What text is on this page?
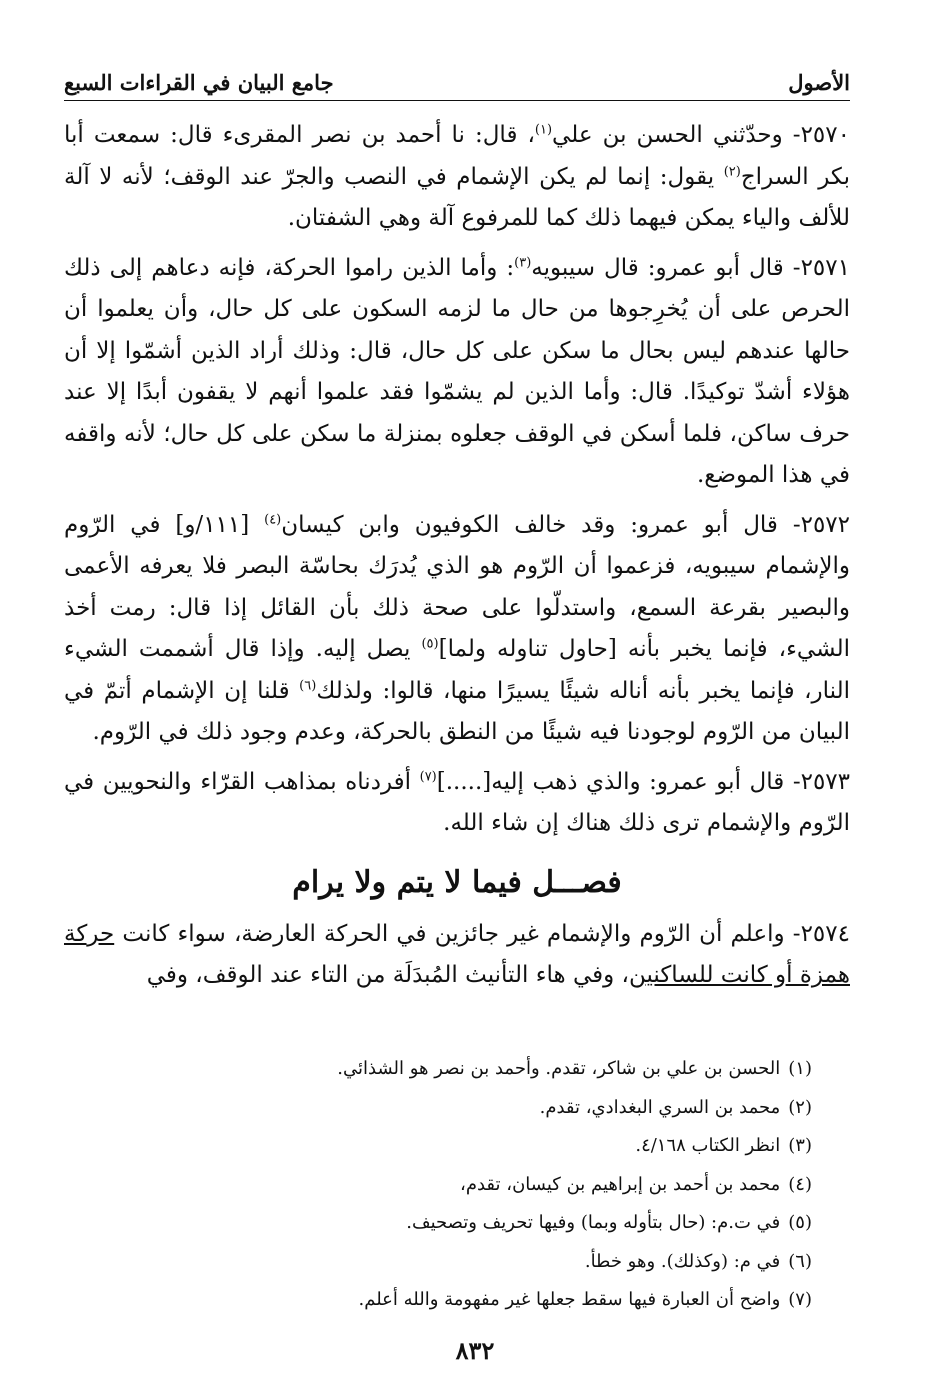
الأصول
جامع البيان في القراءات السبع

٢٥٧٠- وحدّثني الحسن بن علي$^{(١)}$، قال: نا أحمد بن نصر المقرىء قال: سمعت أبا بكر السراج$^{(٢)}$ يقول: إنما لم يكن الإشمام في النصب والجرّ عند الوقف؛ لأنه لا آلة للألف والياء يمكن فيهما ذلك كما للمرفوع آلة وهي الشفتان.

٢٥٧١- قال أبو عمرو: قال سيبويه$^{(٣)}$: وأما الذين راموا الحركة، فإنه دعاهم إلى ذلك الحرص على أن يُخرِجوها من حال ما لزمه السكون على كل حال، وأن يعلموا أن حالها عندهم ليس بحال ما سكن على كل حال، قال: وذلك أراد الذين أشمّوا إلا أن هؤلاء أشدّ توكيدًا. قال: وأما الذين لم يشمّوا فقد علموا أنهم لا يقفون أبدًا إلا عند حرف ساكن، فلما أسكن في الوقف جعلوه بمنزلة ما سكن على كل حال؛ لأنه واقفه في هذا الموضع.

٢٥٧٢- قال أبو عمرو: وقد خالف الكوفيون وابن كيسان$^{(٤)}$ [١١١/و] في الرّوم والإشمام سيبويه، فزعموا أن الرّوم هو الذي يُدرَك بحاسّة البصر فلا يعرفه الأعمى والبصير بقرعة السمع، واستدلّوا على صحة ذلك بأن القائل إذا قال: رمت أخذ الشيء، فإنما يخبر بأنه [حاول تناوله ولما]$^{(٥)}$ يصل إليه. وإذا قال أشممت الشيء النار، فإنما يخبر بأنه أناله شيئًا يسيرًا منها، قالوا: ولذلك$^{(٦)}$ قلنا إن الإشمام أتمّ في البيان من الرّوم لوجودنا فيه شيئًا من النطق بالحركة، وعدم وجود ذلك في الرّوم.

٢٥٧٣- قال أبو عمرو: والذي ذهب إليه[.....]$^{(٧)}$ أفردناه بمذاهب القرّاء والنحويين في الرّوم والإشمام ترى ذلك هناك إن شاء الله.

فصـــل فيما لا يتم ولا يرام

٢٥٧٤- واعلم أن الرّوم والإشمام غير جائزين في الحركة العارضة، سواء كانت حركة همزة أو كانت للساكنين، وفي هاء التأنيث المُبدَلَة من التاء عند الوقف، وفي

(١)الحسن بن علي بن شاكر، تقدم. وأحمد بن نصر هو الشذائي.

(٢)محمد بن السري البغدادي، تقدم.

(٣)انظر الكتاب ٤/١٦٨.

(٤)محمد بن أحمد بن إبراهيم بن كيسان، تقدم،

(٥)في ت.م: (حال بتأوله وبما) وفيها تحريف وتصحيف.

(٦)في م: (وكذلك). وهو خطأ.

(٧)واضح أن العبارة فيها سقط جعلها غير مفهومة والله أعلم.

٨٣٢
